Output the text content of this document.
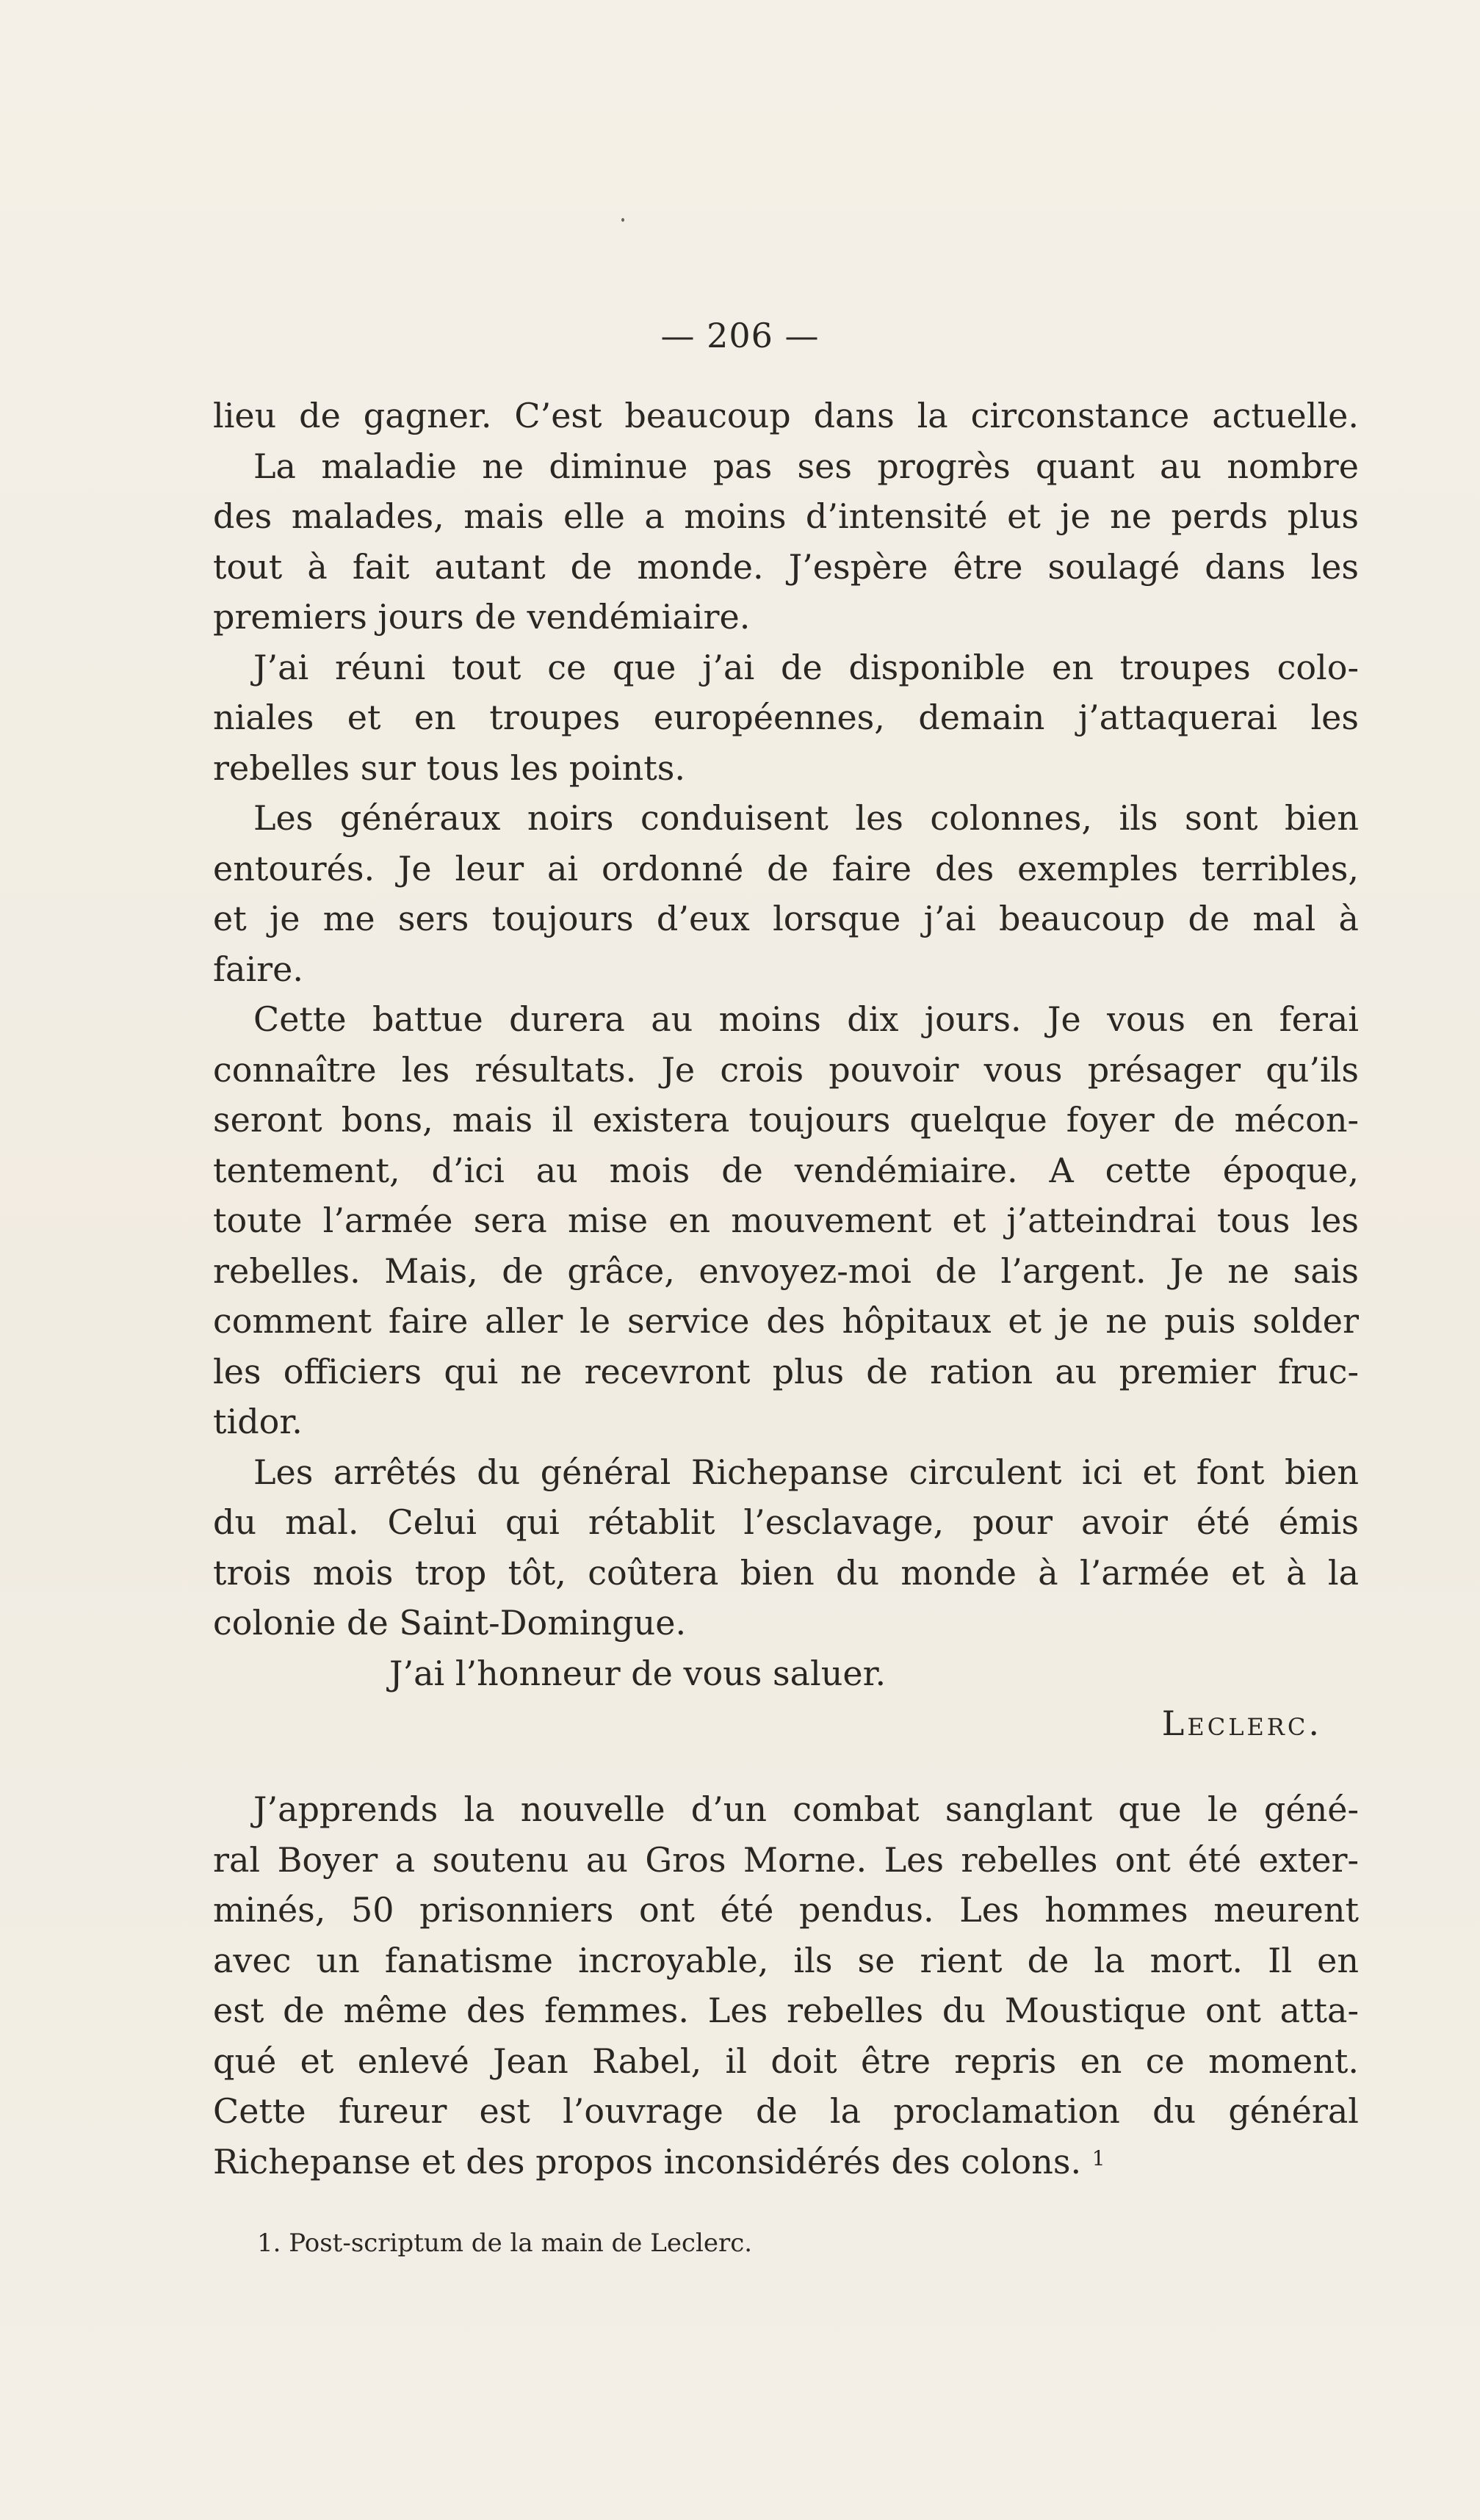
— 206 —
lieu de gagner. C’est beaucoup dans la circonstance actuelle.
La maladie ne diminue pas ses progrès quant au nombre
des malades, mais elle a moins d’intensité et je ne perds plus
tout à fait autant de monde. J’espère être soulagé dans les
premiers jours de vendémiaire.
J’ai réuni tout ce que j’ai de disponible en troupes colo-
niales et en troupes européennes, demain j’attaquerai les
rebelles sur tous les points.
Les généraux noirs conduisent les colonnes, ils sont bien
entourés. Je leur ai ordonné de faire des exemples terribles,
et je me sers toujours d’eux lorsque j’ai beaucoup de mal à
faire.
Cette battue durera au moins dix jours. Je vous en ferai
connaître les résultats. Je crois pouvoir vous présager qu’ils
seront bons, mais il existera toujours quelque foyer de mécon-
tentement, d’ici au mois de vendémiaire. A cette époque,
toute l’armée sera mise en mouvement et j’atteindrai tous les
rebelles. Mais, de grâce, envoyez-moi de l’argent. Je ne sais
comment faire aller le service des hôpitaux et je ne puis solder
les officiers qui ne recevront plus de ration au premier fruc-
tidor.
Les arrêtés du général Richepanse circulent ici et font bien
du mal. Celui qui rétablit l’esclavage, pour avoir été émis
trois mois trop tôt, coûtera bien du monde à l’armée et à la
colonie de Saint-Domingue.
J’ai l’honneur de vous saluer.
Leclerc.
J’apprends la nouvelle d’un combat sanglant que le géné-
ral Boyer a soutenu au Gros Morne. Les rebelles ont été exter-
minés, 50 prisonniers ont été pendus. Les hommes meurent
avec un fanatisme incroyable, ils se rient de la mort. Il en
est de même des femmes. Les rebelles du Moustique ont atta-
qué et enlevé Jean Rabel, il doit être repris en ce moment.
Cette fureur est l’ouvrage de la proclamation du général
Richepanse et des propos inconsidérés des colons. $^1$
1. Post-scriptum de la main de Leclerc.
